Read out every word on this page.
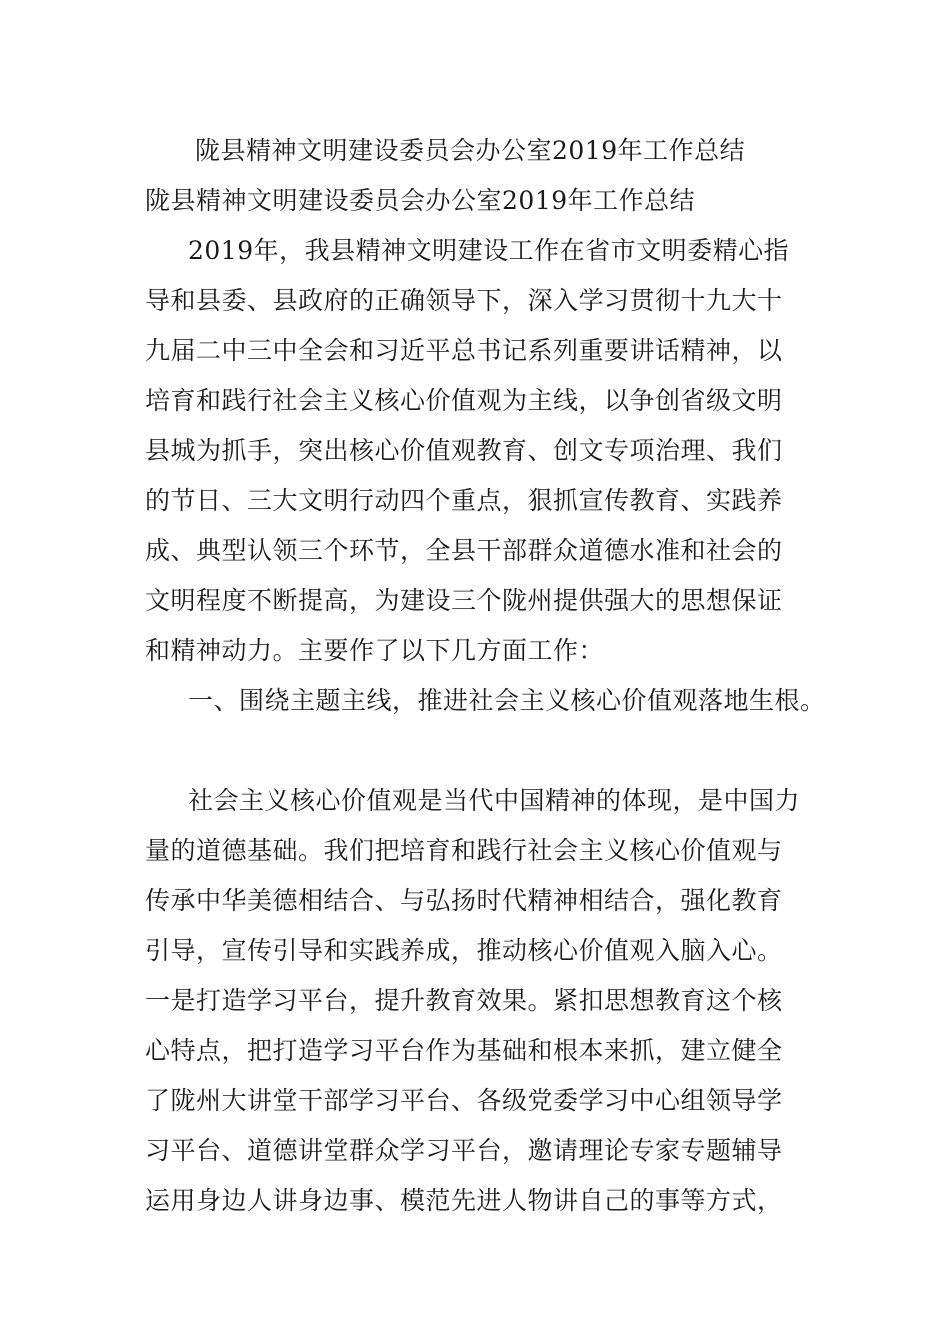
陇县精神文明建设委员会办公室2019年工作总结
陇县精神文明建设委员会办公室2019年工作总结
2019年，我县精神文明建设工作在省市文明委精心指
导和县委、县政府的正确领导下，深入学习贯彻十九大十
九届二中三中全会和习近平总书记系列重要讲话精神，以
培育和践行社会主义核心价值观为主线，以争创省级文明
县城为抓手，突出核心价值观教育、创文专项治理、我们
的节日、三大文明行动四个重点，狠抓宣传教育、实践养
成、典型认领三个环节，全县干部群众道德水准和社会的
文明程度不断提高，为建设三个陇州提供强大的思想保证
和精神动力。主要作了以下几方面工作：
一、围绕主题主线，推进社会主义核心价值观落地生根。
社会主义核心价值观是当代中国精神的体现，是中国力
量的道德基础。我们把培育和践行社会主义核心价值观与
传承中华美德相结合、与弘扬时代精神相结合，强化教育
引导，宣传引导和实践养成，推动核心价值观入脑入心。
一是打造学习平台，提升教育效果。紧扣思想教育这个核
心特点，把打造学习平台作为基础和根本来抓，建立健全
了陇州大讲堂干部学习平台、各级党委学习中心组领导学
习平台、道德讲堂群众学习平台，邀请理论专家专题辅导
运用身边人讲身边事、模范先进人物讲自己的事等方式，
